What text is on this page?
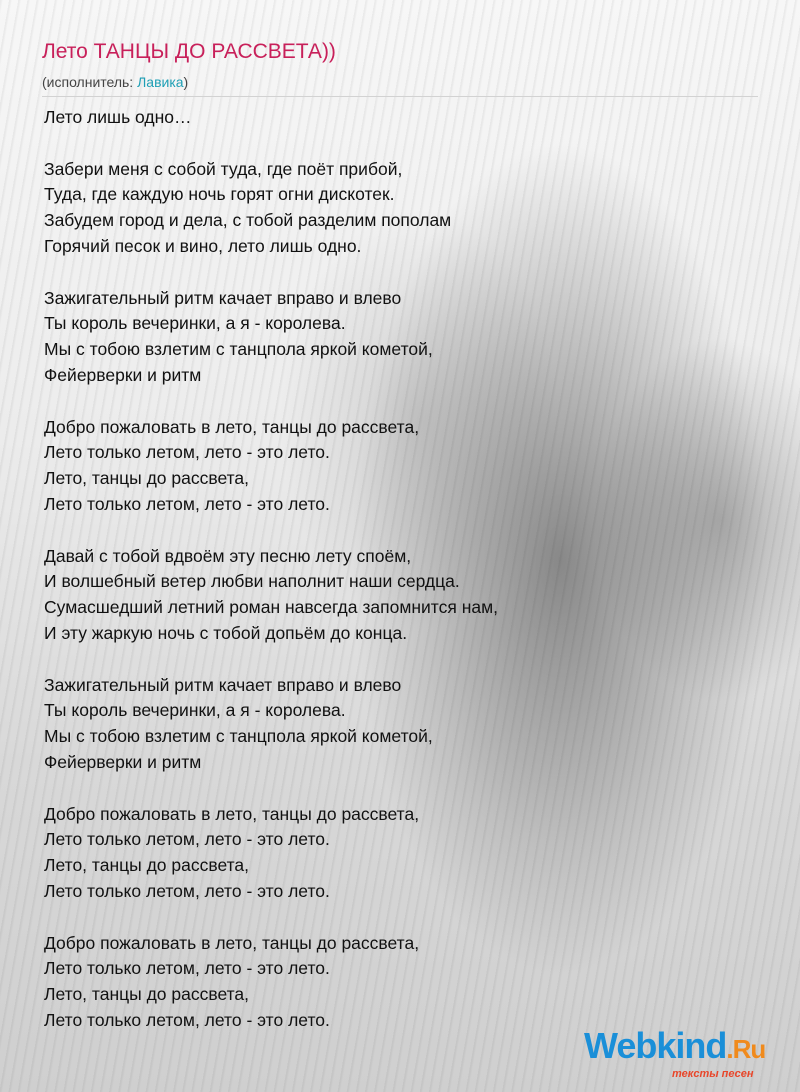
Лето ТАНЦЫ ДО РАССВЕТА))
(исполнитель: Лавика)
Лето лишь одно…
Забери меня с собой туда, где поёт прибой,
Туда, где каждую ночь горят огни дискотек.
Забудем город и дела, с тобой разделим пополам
Горячий песок и вино, лето лишь одно.
Зажигательный ритм качает вправо и влево
Ты король вечеринки, а я - королева.
Мы с тобою взлетим с танцпола яркой кометой,
Фейерверки и ритм
Добро пожаловать в лето, танцы до рассвета,
Лето только летом, лето - это лето.
Лето, танцы до рассвета,
Лето только летом, лето - это лето.
Давай с тобой вдвоём эту песню лету споём,
И волшебный ветер любви наполнит наши сердца.
Сумасшедший летний роман навсегда запомнится нам,
И эту жаркую ночь с тобой допьём до конца.
Зажигательный ритм качает вправо и влево
Ты король вечеринки, а я - королева.
Мы с тобою взлетим с танцпола яркой кометой,
Фейерверки и ритм
Добро пожаловать в лето, танцы до рассвета,
Лето только летом, лето - это лето.
Лето, танцы до рассвета,
Лето только летом, лето - это лето.
Добро пожаловать в лето, танцы до рассвета,
Лето только летом, лето - это лето.
Лето, танцы до рассвета,
Лето только летом, лето - это лето.
Webkind.Ru
тексты песен
